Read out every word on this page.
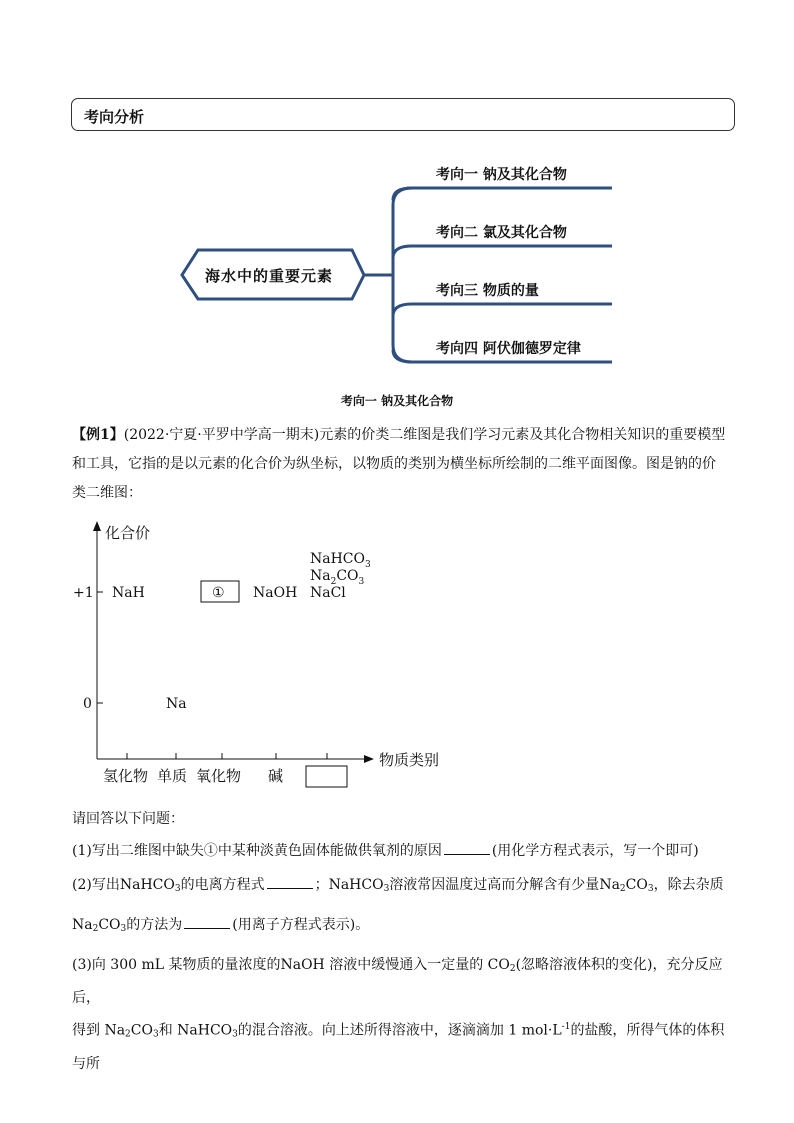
考向分析
海水中的重要元素
考向一 钠及其化合物
考向二 氯及其化合物
考向三 物质的量
考向四 阿伏伽德罗定律
考向一 钠及其化合物
【例1】(2022·宁夏·平罗中学高一期末)元素的价类二维图是我们学习元素及其化合物相关知识的重要模型
和工具，它指的是以元素的化合价为纵坐标，以物质的类别为横坐标所绘制的二维平面图像。图是钠的价
类二维图：
化合价
物质类别
+1
0
氢化物 单质 氧化物 碱
NaH	① NaOH NaCl
$Na_2CO_3$
NaHCO$_3$
Na
请回答以下问题：
(1)写出二维图中缺失①中某种淡黄色固体能做供氧剂的原因	(用化学方程式表示，写一个即可)
(2)写出NaHCO$_3$的电离方程式	；NaHCO$_3$溶液常因温度过高而分解含有少量$Na_2CO_3$，除去杂质
$Na_2CO_3$的方法为	(用离子方程式表示)。
(3)向 300 mL 某物质的量浓度的NaOH 溶液中缓慢通入一定量的 $CO_2$(忽略溶液体积的变化)，充分反应后，
得到 $Na_2CO_3$和 NaHCO$_3$的混合溶液。向上述所得溶液中，逐滴滴加 1 $mol\cdot L^{-1}$的盐酸，所得气体的体积与所
